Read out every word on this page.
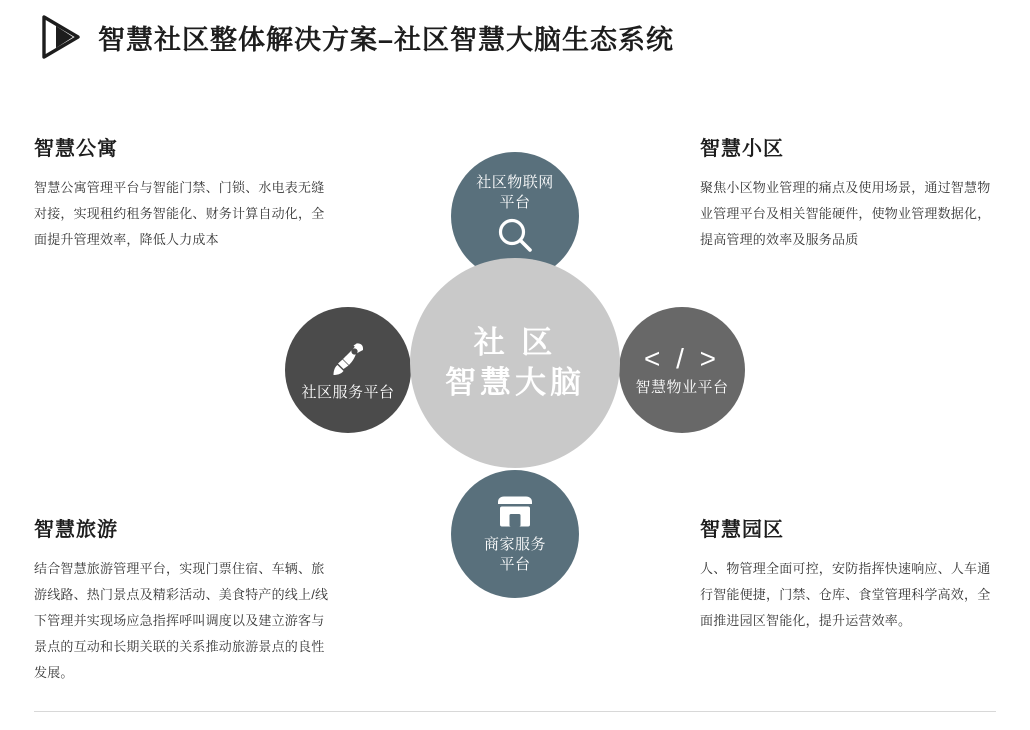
智慧社区整体解决方案–社区智慧大脑生态系统
社 区
智慧大脑
社区物联网
平台
社区服务平台
< / >
智慧物业平台
商家服务
平台
智慧公寓
智慧公寓管理平台与智能门禁、门锁、水电表无缝对接，实现租约租务智能化、财务计算自动化，全面提升管理效率，降低人力成本
智慧小区
聚焦小区物业管理的痛点及使用场景，通过智慧物业管理平台及相关智能硬件，使物业管理数据化，提高管理的效率及服务品质
智慧旅游
结合智慧旅游管理平台，实现门票住宿、车辆、旅游线路、热门景点及精彩活动、美食特产的线上/线下管理并实现场应急指挥呼叫调度以及建立游客与景点的互动和长期关联的关系推动旅游景点的良性发展。
智慧园区
人、物管理全面可控，安防指挥快速响应、人车通行智能便捷，门禁、仓库、食堂管理科学高效，全面推进园区智能化，提升运营效率。
